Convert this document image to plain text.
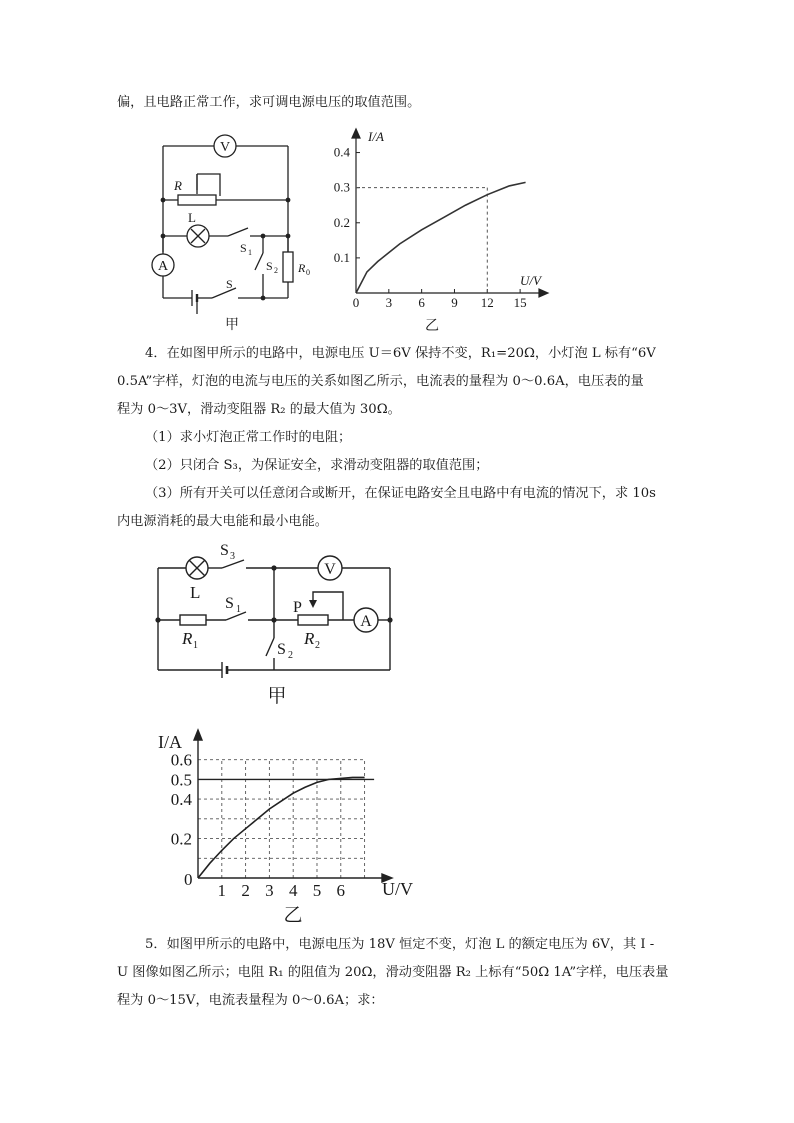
偏，且电路正常工作，求可调电源电压的取值范围。
V
A
R
L
S 1
S 2 R 0
S
甲
0 3 6 9 12 15
0.1
0.2
0.3
0.4
I/A
U/V
乙
4．在如图甲所示的电路中，电源电压 U＝6V 保持不变，R₁=20Ω，小灯泡 L 标有“6V
0.5A”字样，灯泡的电流与电压的关系如图乙所示，电流表的量程为 0～0.6A，电压表的量
程为 0～3V，滑动变阻器 R₂ 的最大值为 30Ω。
（1）求小灯泡正常工作时的电阻；
（2）只闭合 S₃，为保证安全，求滑动变阻器的取值范围；
（3）所有开关可以任意闭合或断开，在保证电路安全且电路中有电流的情况下，求 10s
内电源消耗的最大电能和最小电能。
L
S 3
V
R 1
S 1	P
R 2
A
S 2
甲
1 2 3 4 5 6
0.2
0.4
0.5
0.6
I/A
U/V
0
乙
5．如图甲所示的电路中，电源电压为 18V 恒定不变，灯泡 L 的额定电压为 6V，其 I -
U 图像如图乙所示；电阻 R₁ 的阻值为 20Ω，滑动变阻器 R₂ 上标有“50Ω 1A”字样，电压表量
程为 0～15V，电流表量程为 0～0.6A；求：
